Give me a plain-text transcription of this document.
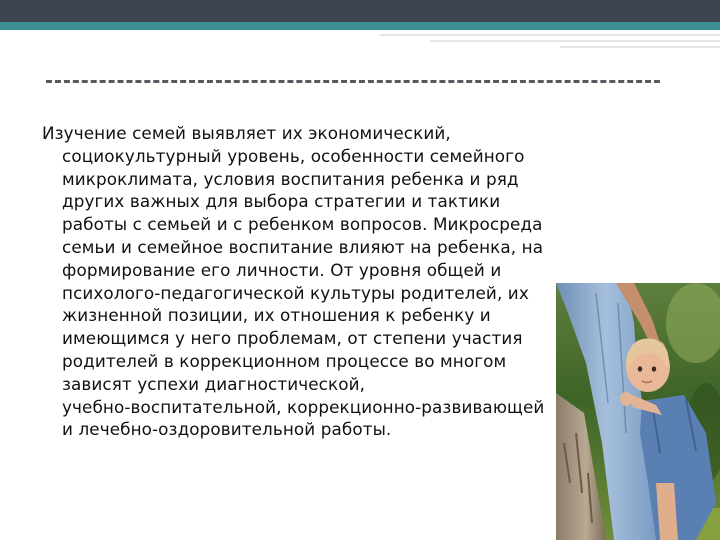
Изучение семей выявляет их экономический,
социокультурный уровень, особенности семейного
микроклимата, условия воспитания ребенка и ряд
других важных для выбора стратегии и тактики
работы с семьей и с ребенком вопросов. Микросреда
семьи и семейное воспитание влияют на ребенка, на
формирование его личности. От уровня общей и
психолого-педагогической культуры родителей, их
жизненной позиции, их отношения к ребенку и
имеющимся у него проблемам, от степени участия
родителей в коррекционном процессе во многом
зависят успехи диагностической,
учебно-воспитательной, коррекционно-развивающей
и лечебно-оздоровительной работы.
